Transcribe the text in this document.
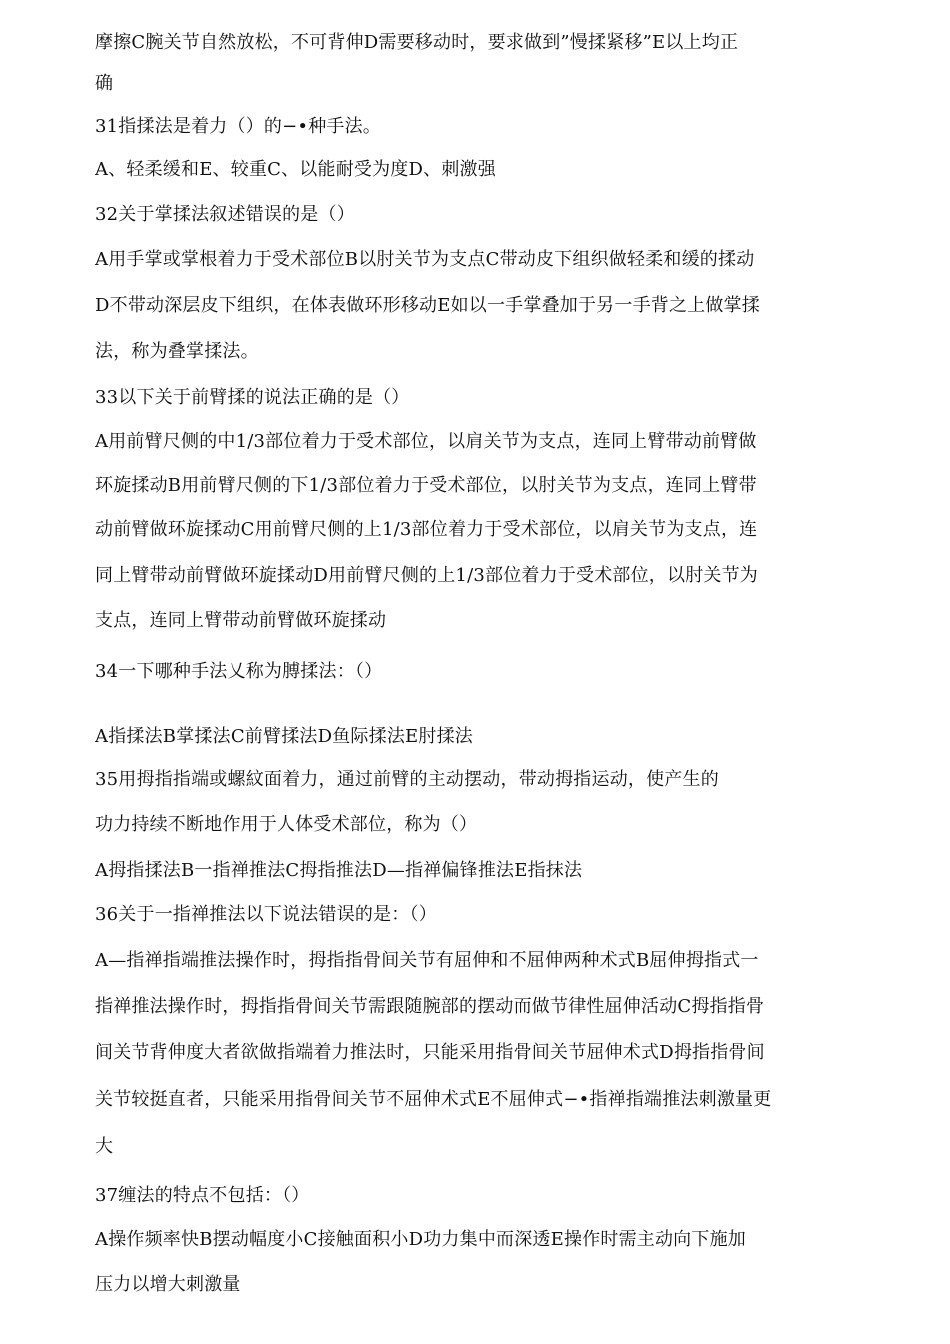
摩擦C腕关节自然放松，不可背伸D需要移动时，要求做到”慢揉紧移”E以上均正
确
31指揉法是着力（）的−•种手法。
A、轻柔缓和E、较重C、以能耐受为度D、刺激强
32关于掌揉法叙述错误的是（）
A用手掌或掌根着力于受术部位B以肘关节为支点C带动皮下组织做轻柔和缓的揉动
D不带动深层皮下组织，在体表做环形移动E如以一手掌叠加于另一手背之上做掌揉
法，称为叠掌揉法。
33以下关于前臂揉的说法正确的是（）
A用前臂尺侧的中1/3部位着力于受术部位，以肩关节为支点，连同上臂带动前臂做
环旋揉动B用前臂尺侧的下1/3部位着力于受术部位，以肘关节为支点，连同上臂带
动前臂做环旋揉动C用前臂尺侧的上1/3部位着力于受术部位，以肩关节为支点，连
同上臂带动前臂做环旋揉动D用前臂尺侧的上1/3部位着力于受术部位，以肘关节为
支点，连同上臂带动前臂做环旋揉动
34一下哪种手法乂称为膊揉法：（）
A指揉法B掌揉法C前臂揉法D鱼际揉法E肘揉法
35用拇指指端或螺紋面着力，通过前臂的主动摆动，带动拇指运动，使产生的
功力持续不断地作用于人体受术部位，称为（）
A拇指揉法B一指禅推法C拇指推法D—指禅偏锋推法E指抹法
36关于一指禅推法以下说法错误的是：（）
A—指禅指端推法操作时，拇指指骨间关节有屈伸和不屈伸两种术式B屈伸拇指式一
指禅推法操作时，拇指指骨间关节需跟随腕部的摆动而做节律性屈伸活动C拇指指骨
间关节背伸度大者欲做指端着力推法时，只能采用指骨间关节屈伸术式D拇指指骨间
关节较挺直者，只能采用指骨间关节不屈伸术式E不屈伸式−•指禅指端推法刺激量更
大
37缠法的特点不包括：（）
A操作频率快B摆动幅度小C接触面积小D功力集中而深透E操作时需主动向下施加
压力以增大刺激量
